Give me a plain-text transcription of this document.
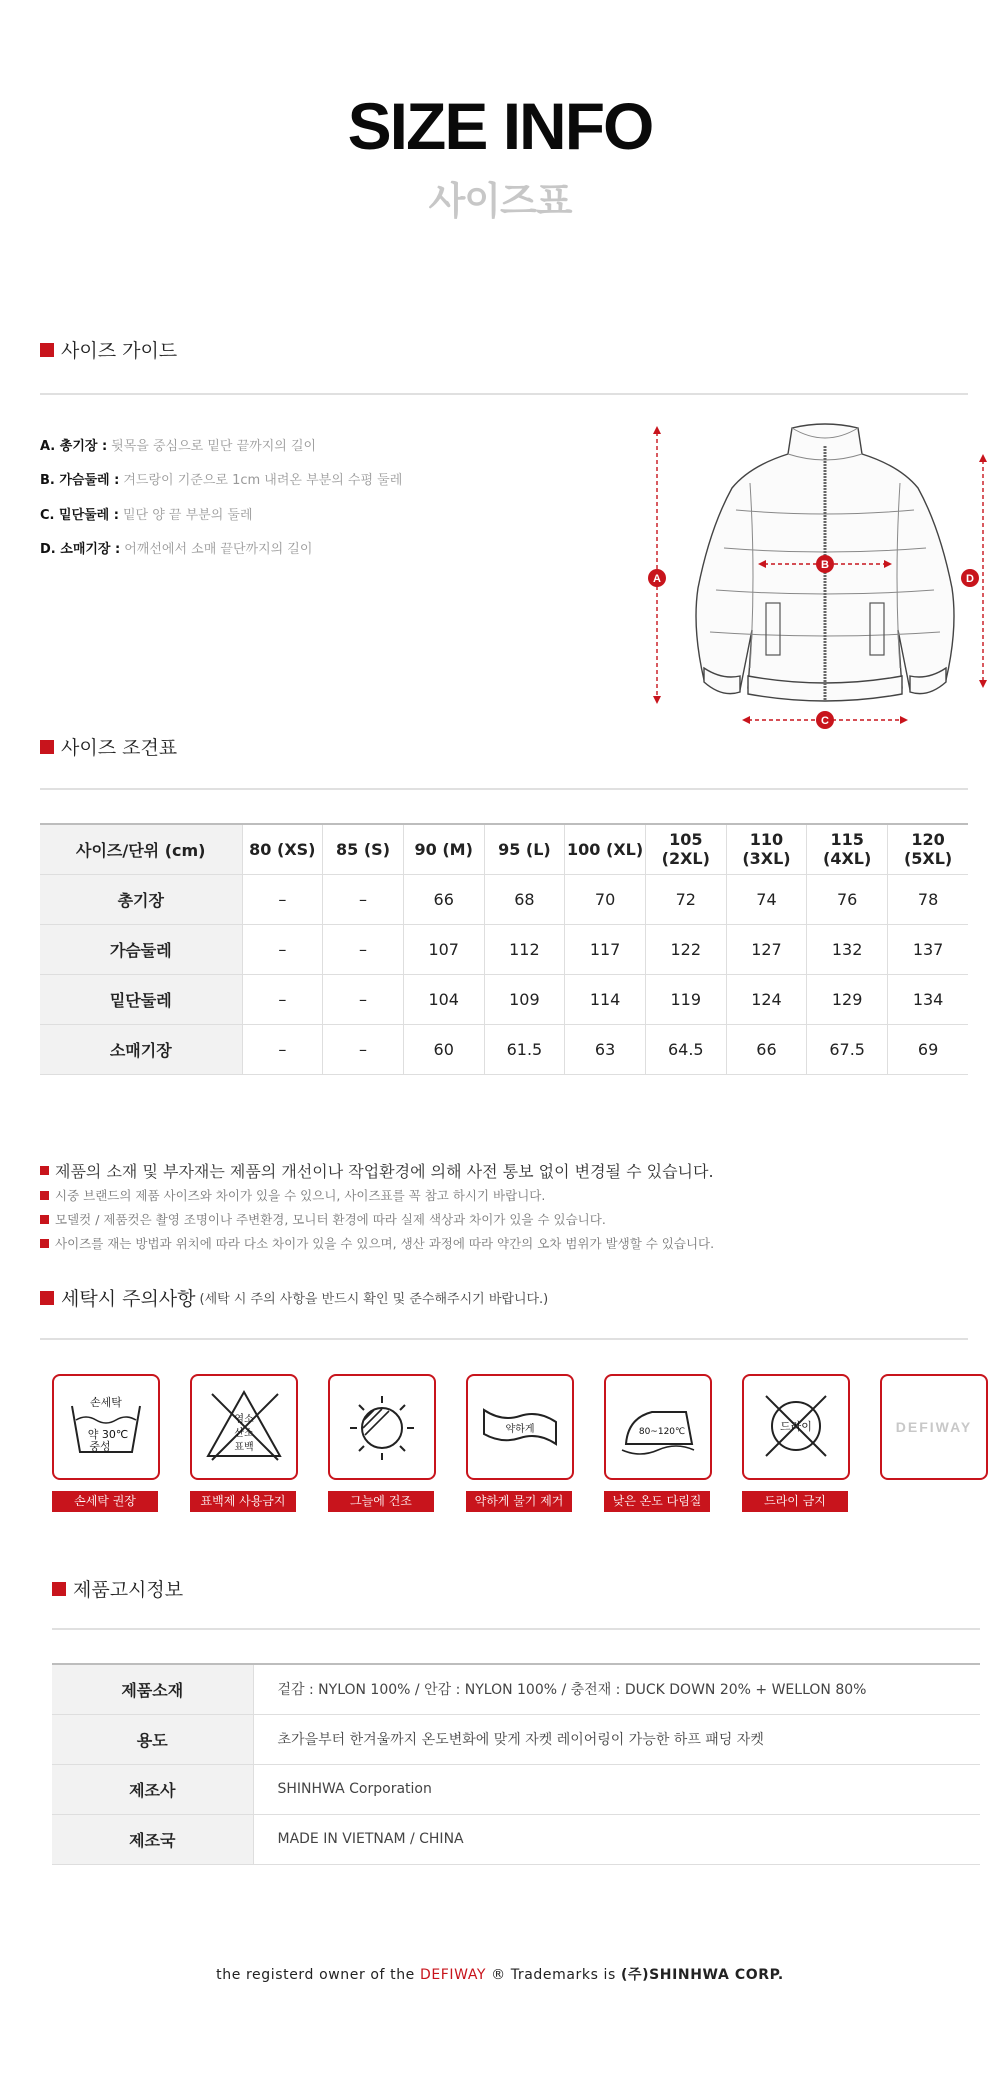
SIZE INFO
사이즈표
사이즈 가이드
A. 총기장 : 뒷목을 중심으로 밑단 끝까지의 길이
B. 가슴둘레 : 겨드랑이 기준으로 1cm 내려온 부분의 수평 둘레
C. 밑단둘레 : 밑단 양 끝 부분의 둘레
D. 소매기장 : 어깨선에서 소매 끝단까지의 길이
A	D
B
C
사이즈 조견표
사이즈/단위 (cm)	80 (XS)	85 (S)	90 (M)	95 (L)	100 (XL)	105 (2XL)	110 (3XL)	115 (4XL)	120 (5XL)
총기장	–	–	66	68	70	72	74	76	78
가슴둘레	–	–	107	112	117	122	127	132	137
밑단둘레	–	–	104	109	114	119	124	129	134
소매기장	–	–	60	61.5	63	64.5	66	67.5	69
제품의 소재 및 부자재는 제품의 개선이나 작업환경에 의해 사전 통보 없이 변경될 수 있습니다.
시중 브랜드의 제품 사이즈와 차이가 있을 수 있으니, 사이즈표를 꼭 참고 하시기 바랍니다.
모델컷 / 제품컷은 촬영 조명이나 주변환경, 모니터 환경에 따라 실제 색상과 차이가 있을 수 있습니다.
사이즈를 재는 방법과 위치에 따라 다소 차이가 있을 수 있으며, 생산 과정에 따라 약간의 오차 범위가 발생할 수 있습니다.
세탁시 주의사항 (세탁 시 주의 사항을 반드시 확인 및 준수해주시기 바랍니다.)
손세탁
약 30℃
중성
손세탁 권장
염소
산소
표백
표백제 사용금지	그늘에 건조
약하게
약하게 물기 제거
80~120℃
낮은 온도 다림질
드라이
드라이 금지
DEFIWAY
제품고시정보
제품소재	겉감 : NYLON 100% / 안감 : NYLON 100% / 충전재 : DUCK DOWN 20% + WELLON 80%
용도	초가을부터 한겨울까지 온도변화에 맞게 자켓 레이어링이 가능한 하프 패딩 자켓
제조사	SHINHWA Corporation
제조국	MADE IN VIETNAM / CHINA
the registerd owner of the DEFIWAY ® Trademarks is (주)SHINHWA CORP.
